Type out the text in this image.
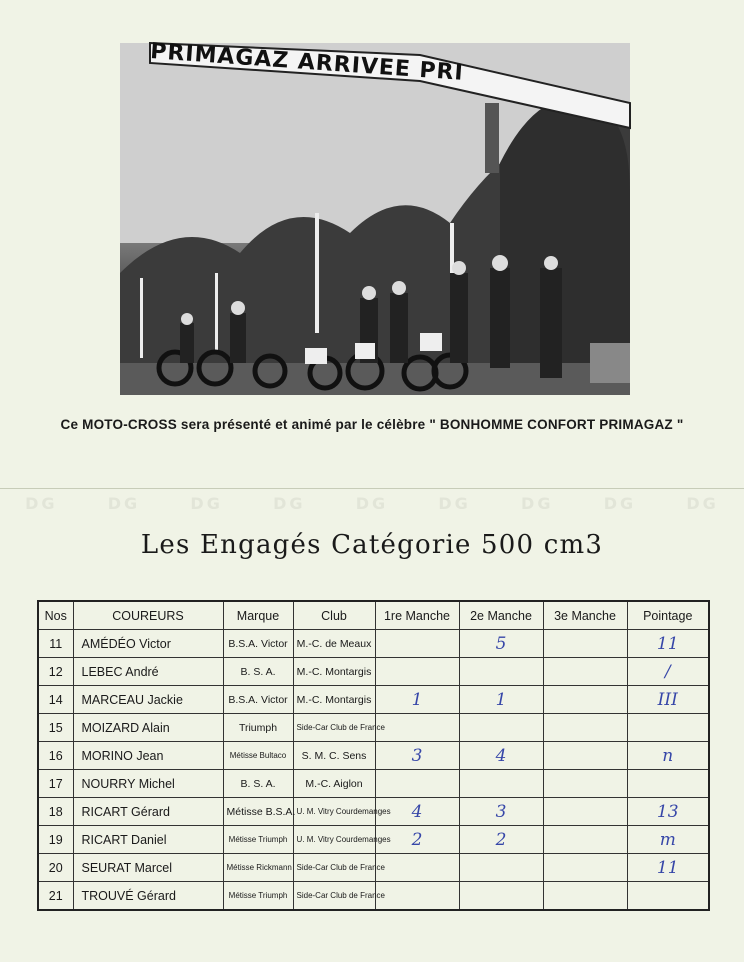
Ce MOTO-CROSS sera présenté et animé par le célèbre " BONHOMME CONFORT PRIMAGAZ "
DG	DG	DG	DG	DG	DG	DG	DG	DG
Les Engagés Catégorie 500 cm3
Nos	COUREURS	Marque	Club	1re Manche	2e Manche	3e Manche	Pointage
11	AMÉDÉO Victor	B.S.A. Victor	M.-C. de Meaux		5		11
12	LEBEC André	B. S. A.	M.-C. Montargis				/
14	MARCEAU Jackie	B.S.A. Victor	M.-C. Montargis	1	1		III
15	MOIZARD Alain	Triumph	Side-Car Club de France				
16	MORINO Jean	Métisse Bultaco	S. M. C. Sens	3	4		n
17	NOURRY Michel	B. S. A.	M.-C. Aiglon				
18	RICART Gérard	Métisse B.S.A.	U. M. Vitry Courdemanges	4	3		13
19	RICART Daniel	Métisse Triumph	U. M. Vitry Courdemanges	2	2		m
20	SEURAT Marcel	Métisse Rickmann	Side-Car Club de France				11
21	TROUVÉ Gérard	Métisse Triumph	Side-Car Club de France				
PRIMAGAZ ARRIVEE PRI
